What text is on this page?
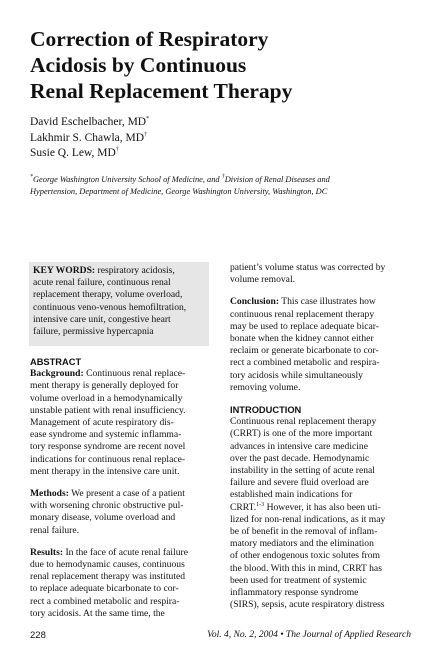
Correction of Respiratory
Acidosis by Continuous
Renal Replacement Therapy
David Eschelbacher, MD*
Lakhmir S. Chawla, MD†
Susie Q. Lew, MD†
*George Washington University School of Medicine, and †Division of Renal Diseases and
Hypertension, Department of Medicine, George Washington University, Washington, DC
KEY WORDS: respiratory acidosis,
acute renal failure, continuous renal
replacement therapy, volume overload,
continuous veno-venous hemofiltration,
intensive care unit, congestive heart
failure, permissive hypercapnia
ABSTRACT
Background: Continuous renal replace-
ment therapy is generally deployed for
volume overload in a hemodynamically
unstable patient with renal insufficiency.
Management of acute respiratory dis-
ease syndrome and systemic inflamma-
tory response syndrome are recent novel
indications for continuous renal replace-
ment therapy in the intensive care unit.
Methods: We present a case of a patient
with worsening chronic obstructive pul-
monary disease, volume overload and
renal failure.
Results: In the face of acute renal failure
due to hemodynamic causes, continuous
renal replacement therapy was instituted
to replace adequate bicarbonate to cor-
rect a combined metabolic and respira-
tory acidosis. At the same time, the
patient’s volume status was corrected by
volume removal.
Conclusion: This case illustrates how
continuous renal replacement therapy
may be used to replace adequate bicar-
bonate when the kidney cannot either
reclaim or generate bicarbonate to cor-
rect a combined metabolic and respira-
tory acidosis while simultaneously
removing volume.
INTRODUCTION
Continuous renal replacement therapy
(CRRT) is one of the more important
advances in intensive care medicine
over the past decade. Hemodynamic
instability in the setting of acute renal
failure and severe fluid overload are
established main indications for
CRRT.$^{1-3}$ However, it has also been uti-
lized for non-renal indications, as it may
be of benefit in the removal of inflam-
matory mediators and the elimination
of other endogenous toxic solutes from
the blood. With this in mind, CRRT has
been used for treatment of systemic
inflammatory response syndrome
(SIRS), sepsis, acute respiratory distress
228	Vol. 4, No. 2, 2004 • The Journal of Applied Research
